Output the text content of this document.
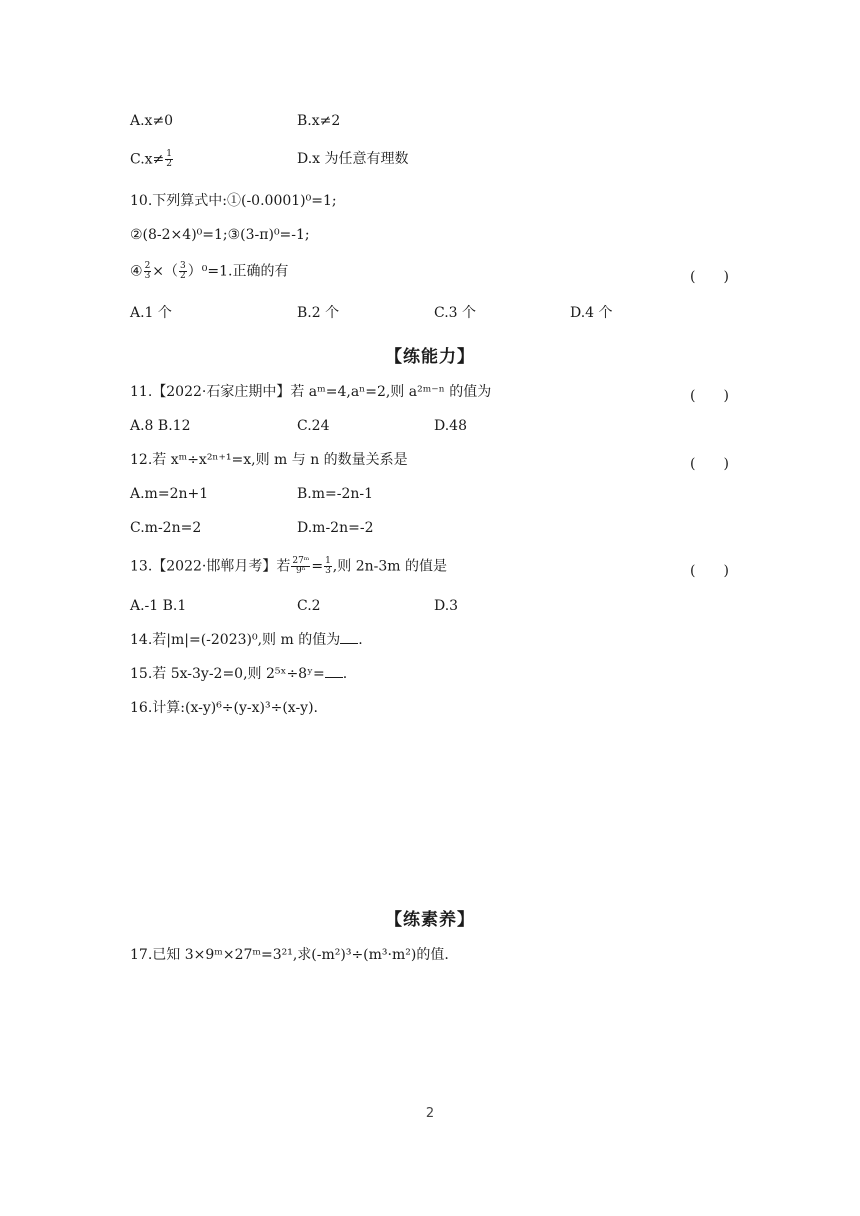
A.x≠0	B.x≠2
$C.x\ne \frac{1}{2}$	D.x 为任意有理数
10.下列算式中:①(-0.0001)⁰=1;
②(8-2×4)⁰=1;③(3-π)⁰=-1;
④ $\frac{2}{3}$ ×（ $\frac{3}{2} )^0=1$.正确的有	(　　)
A.1 个	B.2 个	C.3 个	D.4 个
【练能力】
11.【2022·石家庄期中】若 aᵐ=4,aⁿ=2,则 a²ᵐ⁻ⁿ 的值为	(　　)
A.8 B.12	C.24	D.48
12.若 xᵐ÷x²ⁿ⁺¹=x,则 m 与 n 的数量关系是	(　　)
A.m=2n+1	B.m=-2n-1
C.m-2n=2	D.m-2n=-2
13.【2022·邯郸月考】若 $\frac{\text{27ᵐ}}{\text{9ⁿ}} = \frac{1}{3}$ ,则 2n-3m 的值是	(　　)
A.-1 B.1	C.2	D.3
14.若|m|=(-2023)⁰,则 m 的值为 .
15.若 5x-3y-2=0,则 2⁵ˣ÷8ʸ= .
16.计算:(x-y)⁶÷(y-x)³÷(x-y).
【练素养】
17.已知 3×9ᵐ×27ᵐ=3²¹,求(-m²)³÷(m³·m²)的值.
2
